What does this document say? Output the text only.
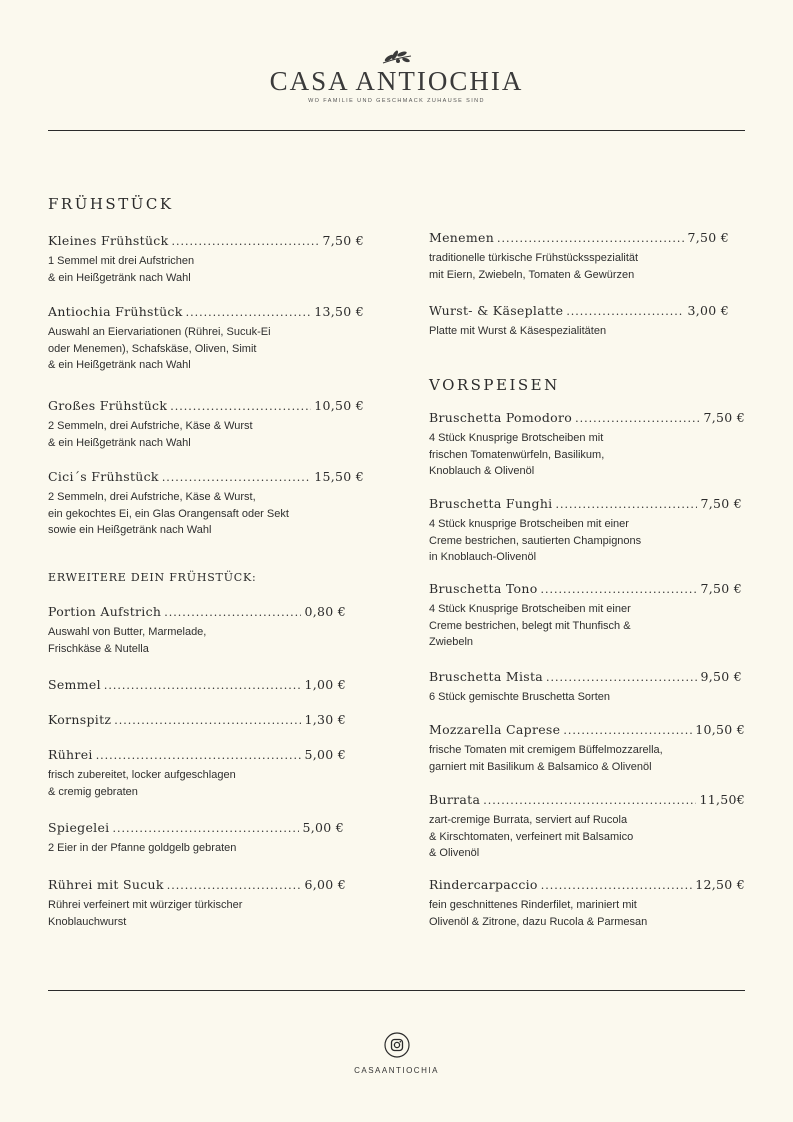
CASA ANTIOCHIA
WO FAMILIE UND GESCHMACK ZUHAUSE SIND
FRÜHSTÜCK
Kleines Frühstück .....	7,50 €
1 Semmel mit drei Aufstrichen
& ein Heißgetränk nach Wahl
Antiochia Frühstück .....	13,50 €
Auswahl an Eiervariationen (Rührei, Sucuk-Ei
oder Menemen), Schafskäse, Oliven, Simit
& ein Heißgetränk nach Wahl
Großes Frühstück .....	10,50 €
2 Semmeln, drei Aufstriche, Käse & Wurst
& ein Heißgetränk nach Wahl
Cici´s Frühstück .....	15,50 €
2 Semmeln, drei Aufstriche, Käse & Wurst,
ein gekochtes Ei, ein Glas Orangensaft oder Sekt
sowie ein Heißgetränk nach Wahl
ERWEITERE DEIN FRÜHSTÜCK:
Portion Aufstrich .....	0,80 €
Auswahl von Butter, Marmelade,
Frischkäse & Nutella
Semmel .....	1,00 €
Kornspitz .....	1,30 €
Rührei .....	5,00 €
frisch zubereitet, locker aufgeschlagen
& cremig gebraten
Spiegelei .....	5,00 €
2 Eier in der Pfanne goldgelb gebraten
Rührei mit Sucuk .....	6,00 €
Rührei verfeinert mit würziger türkischer
Knoblauchwurst
Menemen .....	7,50 €
traditionelle türkische Frühstücksspezialität
mit Eiern, Zwiebeln, Tomaten & Gewürzen
Wurst- & Käseplatte .....	3,00 €
Platte mit Wurst & Käsespezialitäten
VORSPEISEN
Bruschetta Pomodoro .....	7,50 €
4 Stück Knusprige Brotscheiben mit
frischen Tomatenwürfeln, Basilikum,
Knoblauch & Olivenöl
Bruschetta Funghi .....	7,50 €
4 Stück knusprige Brotscheiben mit einer
Creme bestrichen, sautierten Champignons
in Knoblauch-Olivenöl
Bruschetta Tono .....	7,50 €
4 Stück Knusprige Brotscheiben mit einer
Creme bestrichen, belegt mit Thunfisch &
Zwiebeln
Bruschetta Mista .....	9,50 €
6 Stück gemischte Bruschetta Sorten
Mozzarella Caprese .....	10,50 €
frische Tomaten mit cremigem Büffelmozzarella,
garniert mit Basilikum & Balsamico & Olivenöl
Burrata .....	11,50€
zart-cremige Burrata, serviert auf Rucola
& Kirschtomaten, verfeinert mit Balsamico
& Olivenöl
Rindercarpaccio .....	12,50 €
fein geschnittenes Rinderfilet, mariniert mit
Olivenöl & Zitrone, dazu Rucola & Parmesan
CASAANTIOCHIA
